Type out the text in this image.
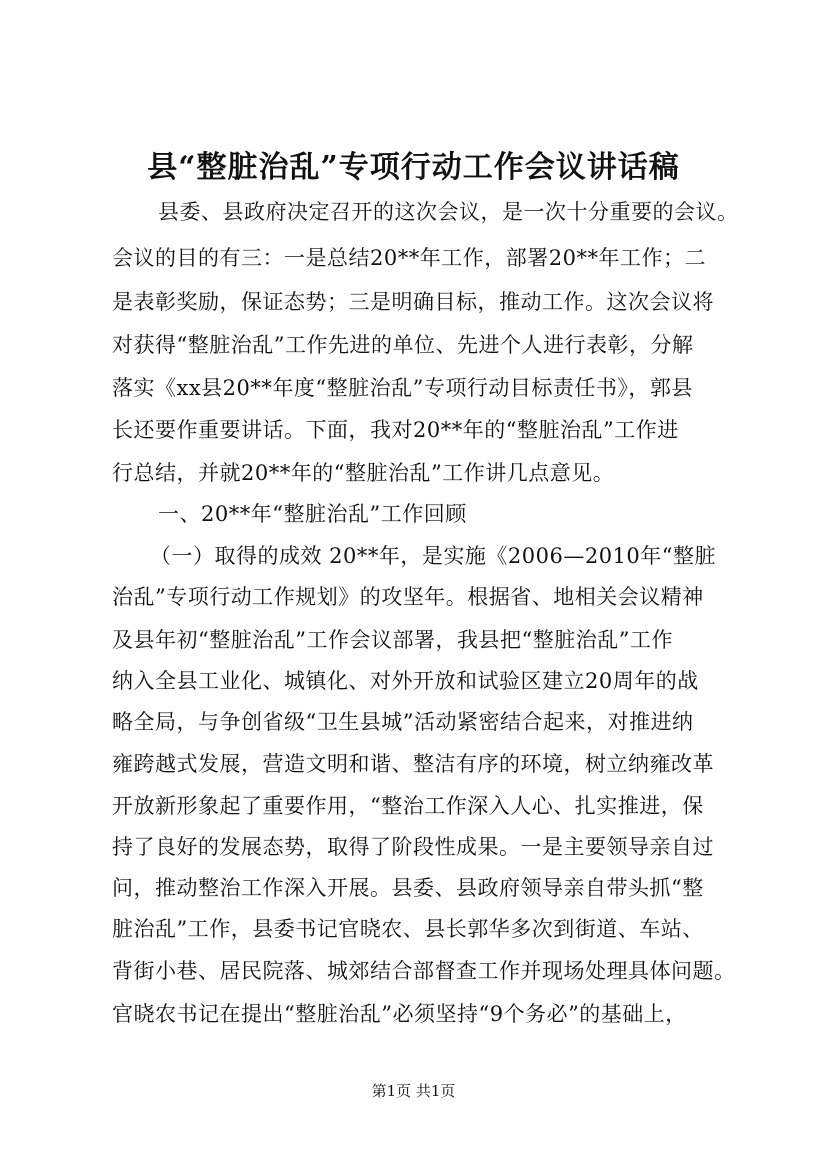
县“整脏治乱”专项行动工作会议讲话稿
县委、县政府决定召开的这次会议，是一次十分重要的会议。
会议的目的有三：一是总结20**年工作，部署20**年工作；二
是表彰奖励，保证态势；三是明确目标，推动工作。这次会议将
对获得“整脏治乱”工作先进的单位、先进个人进行表彰，分解
落实《xx县20**年度“整脏治乱”专项行动目标责任书》，郭县
长还要作重要讲话。下面，我对20**年的“整脏治乱”工作进
行总结，并就20**年的“整脏治乱”工作讲几点意见。
一、20**年“整脏治乱”工作回顾
（一）取得的成效 20**年，是实施《2006—2010年“整脏
治乱”专项行动工作规划》的攻坚年。根据省、地相关会议精神
及县年初“整脏治乱”工作会议部署，我县把“整脏治乱”工作
纳入全县工业化、城镇化、对外开放和试验区建立20周年的战
略全局，与争创省级“卫生县城”活动紧密结合起来，对推进纳
雍跨越式发展，营造文明和谐、整洁有序的环境，树立纳雍改革
开放新形象起了重要作用，“整治工作深入人心、扎实推进，保
持了良好的发展态势，取得了阶段性成果。一是主要领导亲自过
问，推动整治工作深入开展。县委、县政府领导亲自带头抓“整
脏治乱”工作，县委书记官晓农、县长郭华多次到街道、车站、
背街小巷、居民院落、城郊结合部督查工作并现场处理具体问题。
官晓农书记在提出“整脏治乱”必须坚持“9个务必”的基础上，
第1页 共1页
